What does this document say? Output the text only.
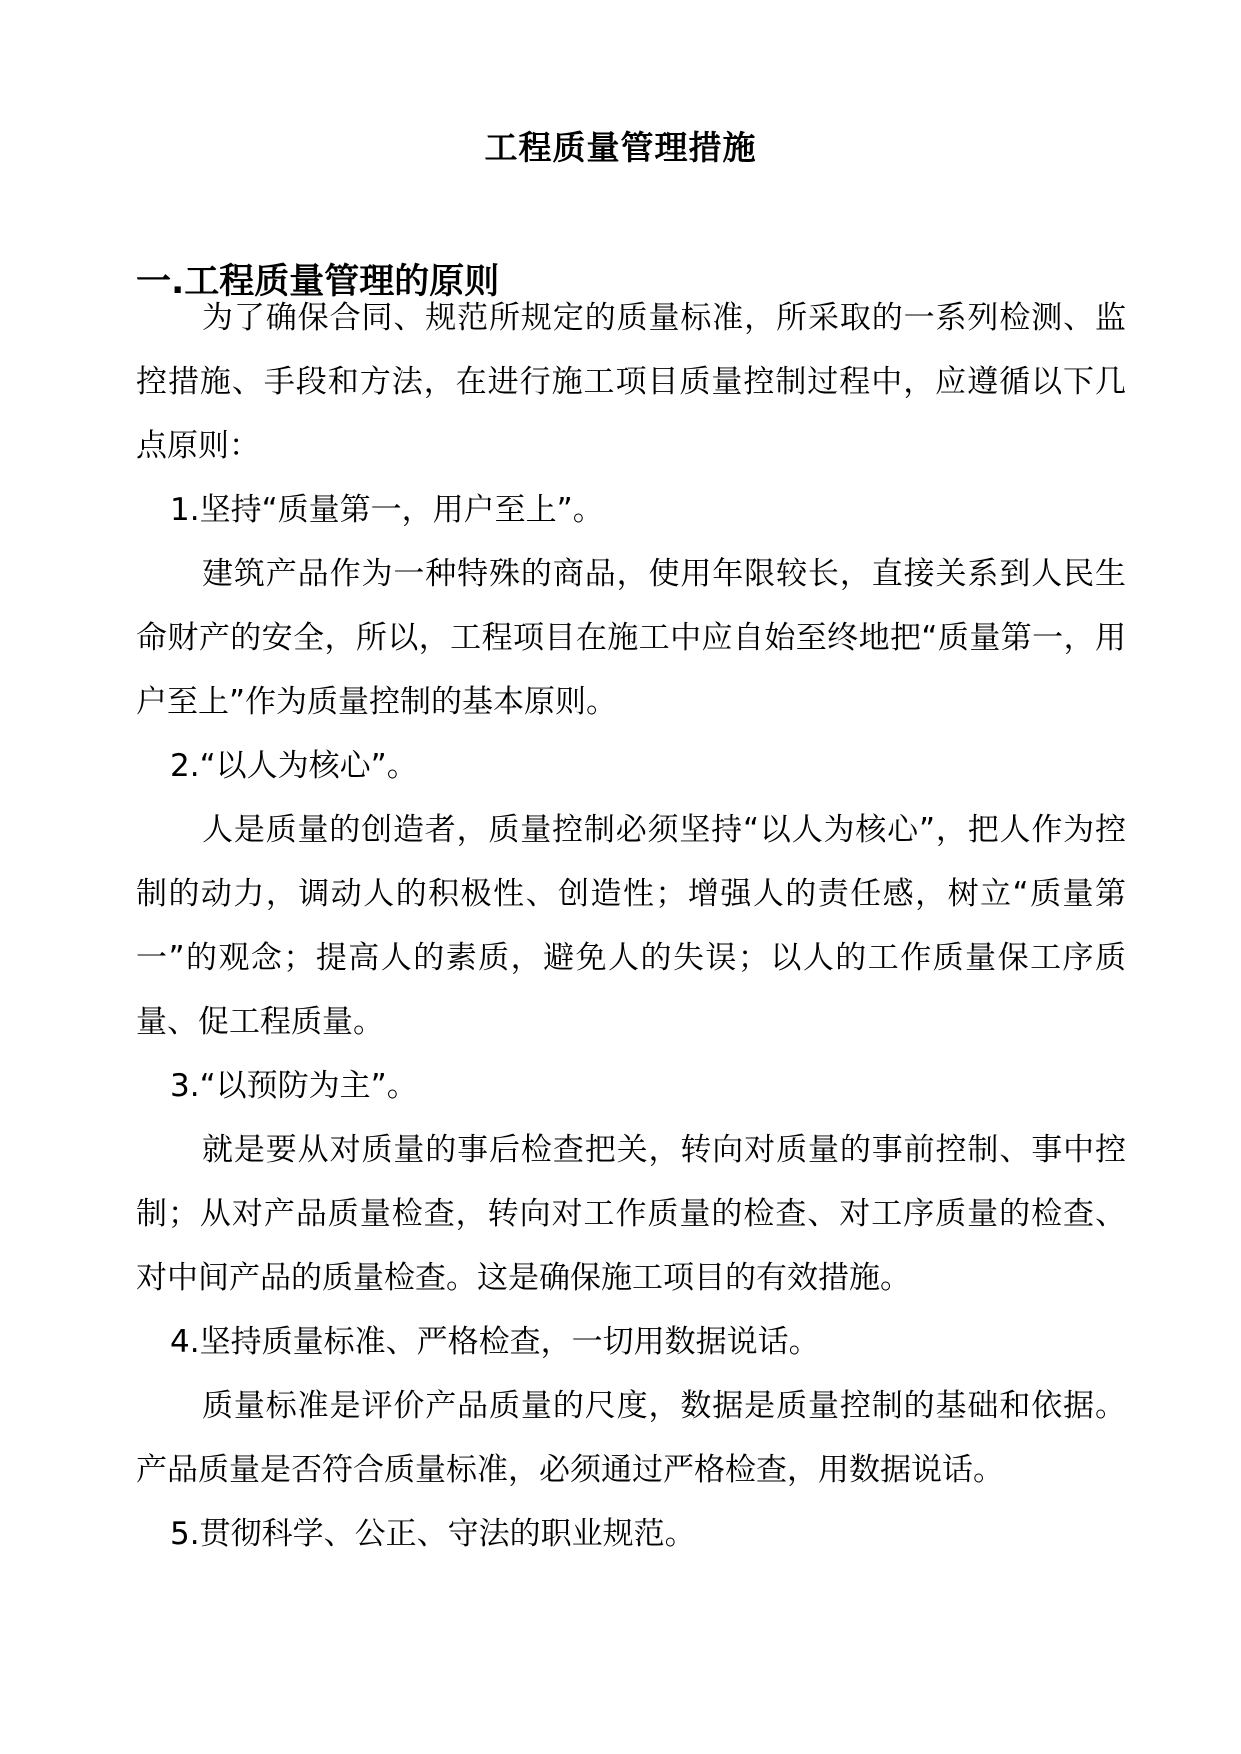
工程质量管理措施
一.工程质量管理的原则

为了确保合同、规范所规定的质量标准，所采取的一系列检测、监控措施、手段和方法，在进行施工项目质量控制过程中，应遵循以下几点原则：

1.坚持“质量第一，用户至上”。

建筑产品作为一种特殊的商品，使用年限较长，直接关系到人民生命财产的安全，所以，工程项目在施工中应自始至终地把“质量第一，用户至上”作为质量控制的基本原则。

2.“以人为核心”。

人是质量的创造者，质量控制必须坚持“以人为核心”，把人作为控制的动力，调动人的积极性、创造性；增强人的责任感，树立“质量第一”的观念；提高人的素质，避免人的失误；以人的工作质量保工序质量、促工程质量。

3.“以预防为主”。

就是要从对质量的事后检查把关，转向对质量的事前控制、事中控制；从对产品质量检查，转向对工作质量的检查、对工序质量的检查、对中间产品的质量检查。这是确保施工项目的有效措施。

4.坚持质量标准、严格检查，一切用数据说话。

质量标准是评价产品质量的尺度，数据是质量控制的基础和依据。产品质量是否符合质量标准，必须通过严格检查，用数据说话。

5.贯彻科学、公正、守法的职业规范。
